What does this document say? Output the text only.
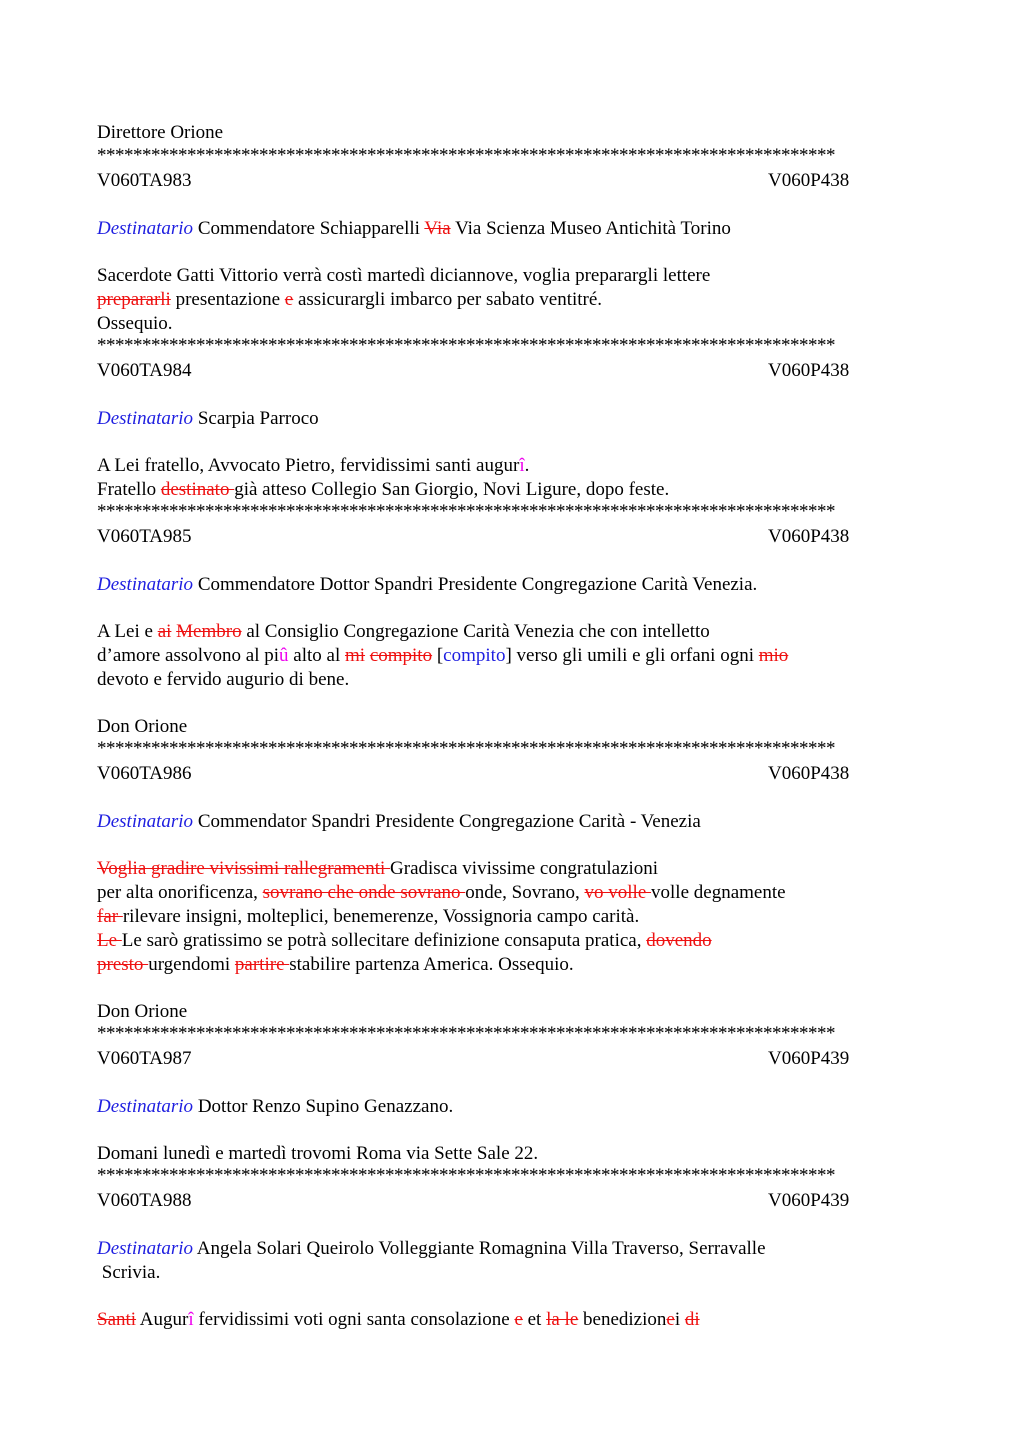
Direttore Orione
**********************************************************************************
V060TA983	V060P438
Destinatario Commendatore Schiapparelli Via Via Scienza Museo Antichità Torino
Sacerdote Gatti Vittorio verrà costì martedì diciannove, voglia preparargli lettere
prepararli presentazione e assicurargli imbarco per sabato ventitré.
Ossequio.
**********************************************************************************
V060TA984	V060P438
Destinatario Scarpia Parroco
A Lei fratello, Avvocato Pietro, fervidissimi santi augurî.
Fratello destinato già atteso Collegio San Giorgio, Novi Ligure, dopo feste.
**********************************************************************************
V060TA985	V060P438
Destinatario Commendatore Dottor Spandri Presidente Congregazione Carità Venezia.
A Lei e ai Membro al Consiglio Congregazione Carità Venezia che con intelletto
d’amore assolvono al piû alto al mi compito [compito] verso gli umili e gli orfani ogni mio
devoto e fervido augurio di bene.
Don Orione
**********************************************************************************
V060TA986	V060P438
Destinatario Commendator Spandri Presidente Congregazione Carità - Venezia
Voglia gradire vivissimi rallegramenti Gradisca vivissime congratulazioni
per alta onorificenza, sovrano che onde sovrano onde, Sovrano, vo volle volle degnamente
far rilevare insigni, molteplici, benemerenze, Vossignoria campo carità.
Le Le sarò gratissimo se potrà sollecitare definizione consaputa pratica, dovendo
presto urgendomi partire stabilire partenza America. Ossequio.
Don Orione
**********************************************************************************
V060TA987	V060P439
Destinatario Dottor Renzo Supino Genazzano.
Domani lunedì e martedì trovomi Roma via Sette Sale 22.
**********************************************************************************
V060TA988	V060P439
Destinatario Angela Solari Queirolo Volleggiante Romagnina Villa Traverso, Serravalle
Scrivia.
Santi Augurî fervidissimi voti ogni santa consolazione e et la le benedizionei di
